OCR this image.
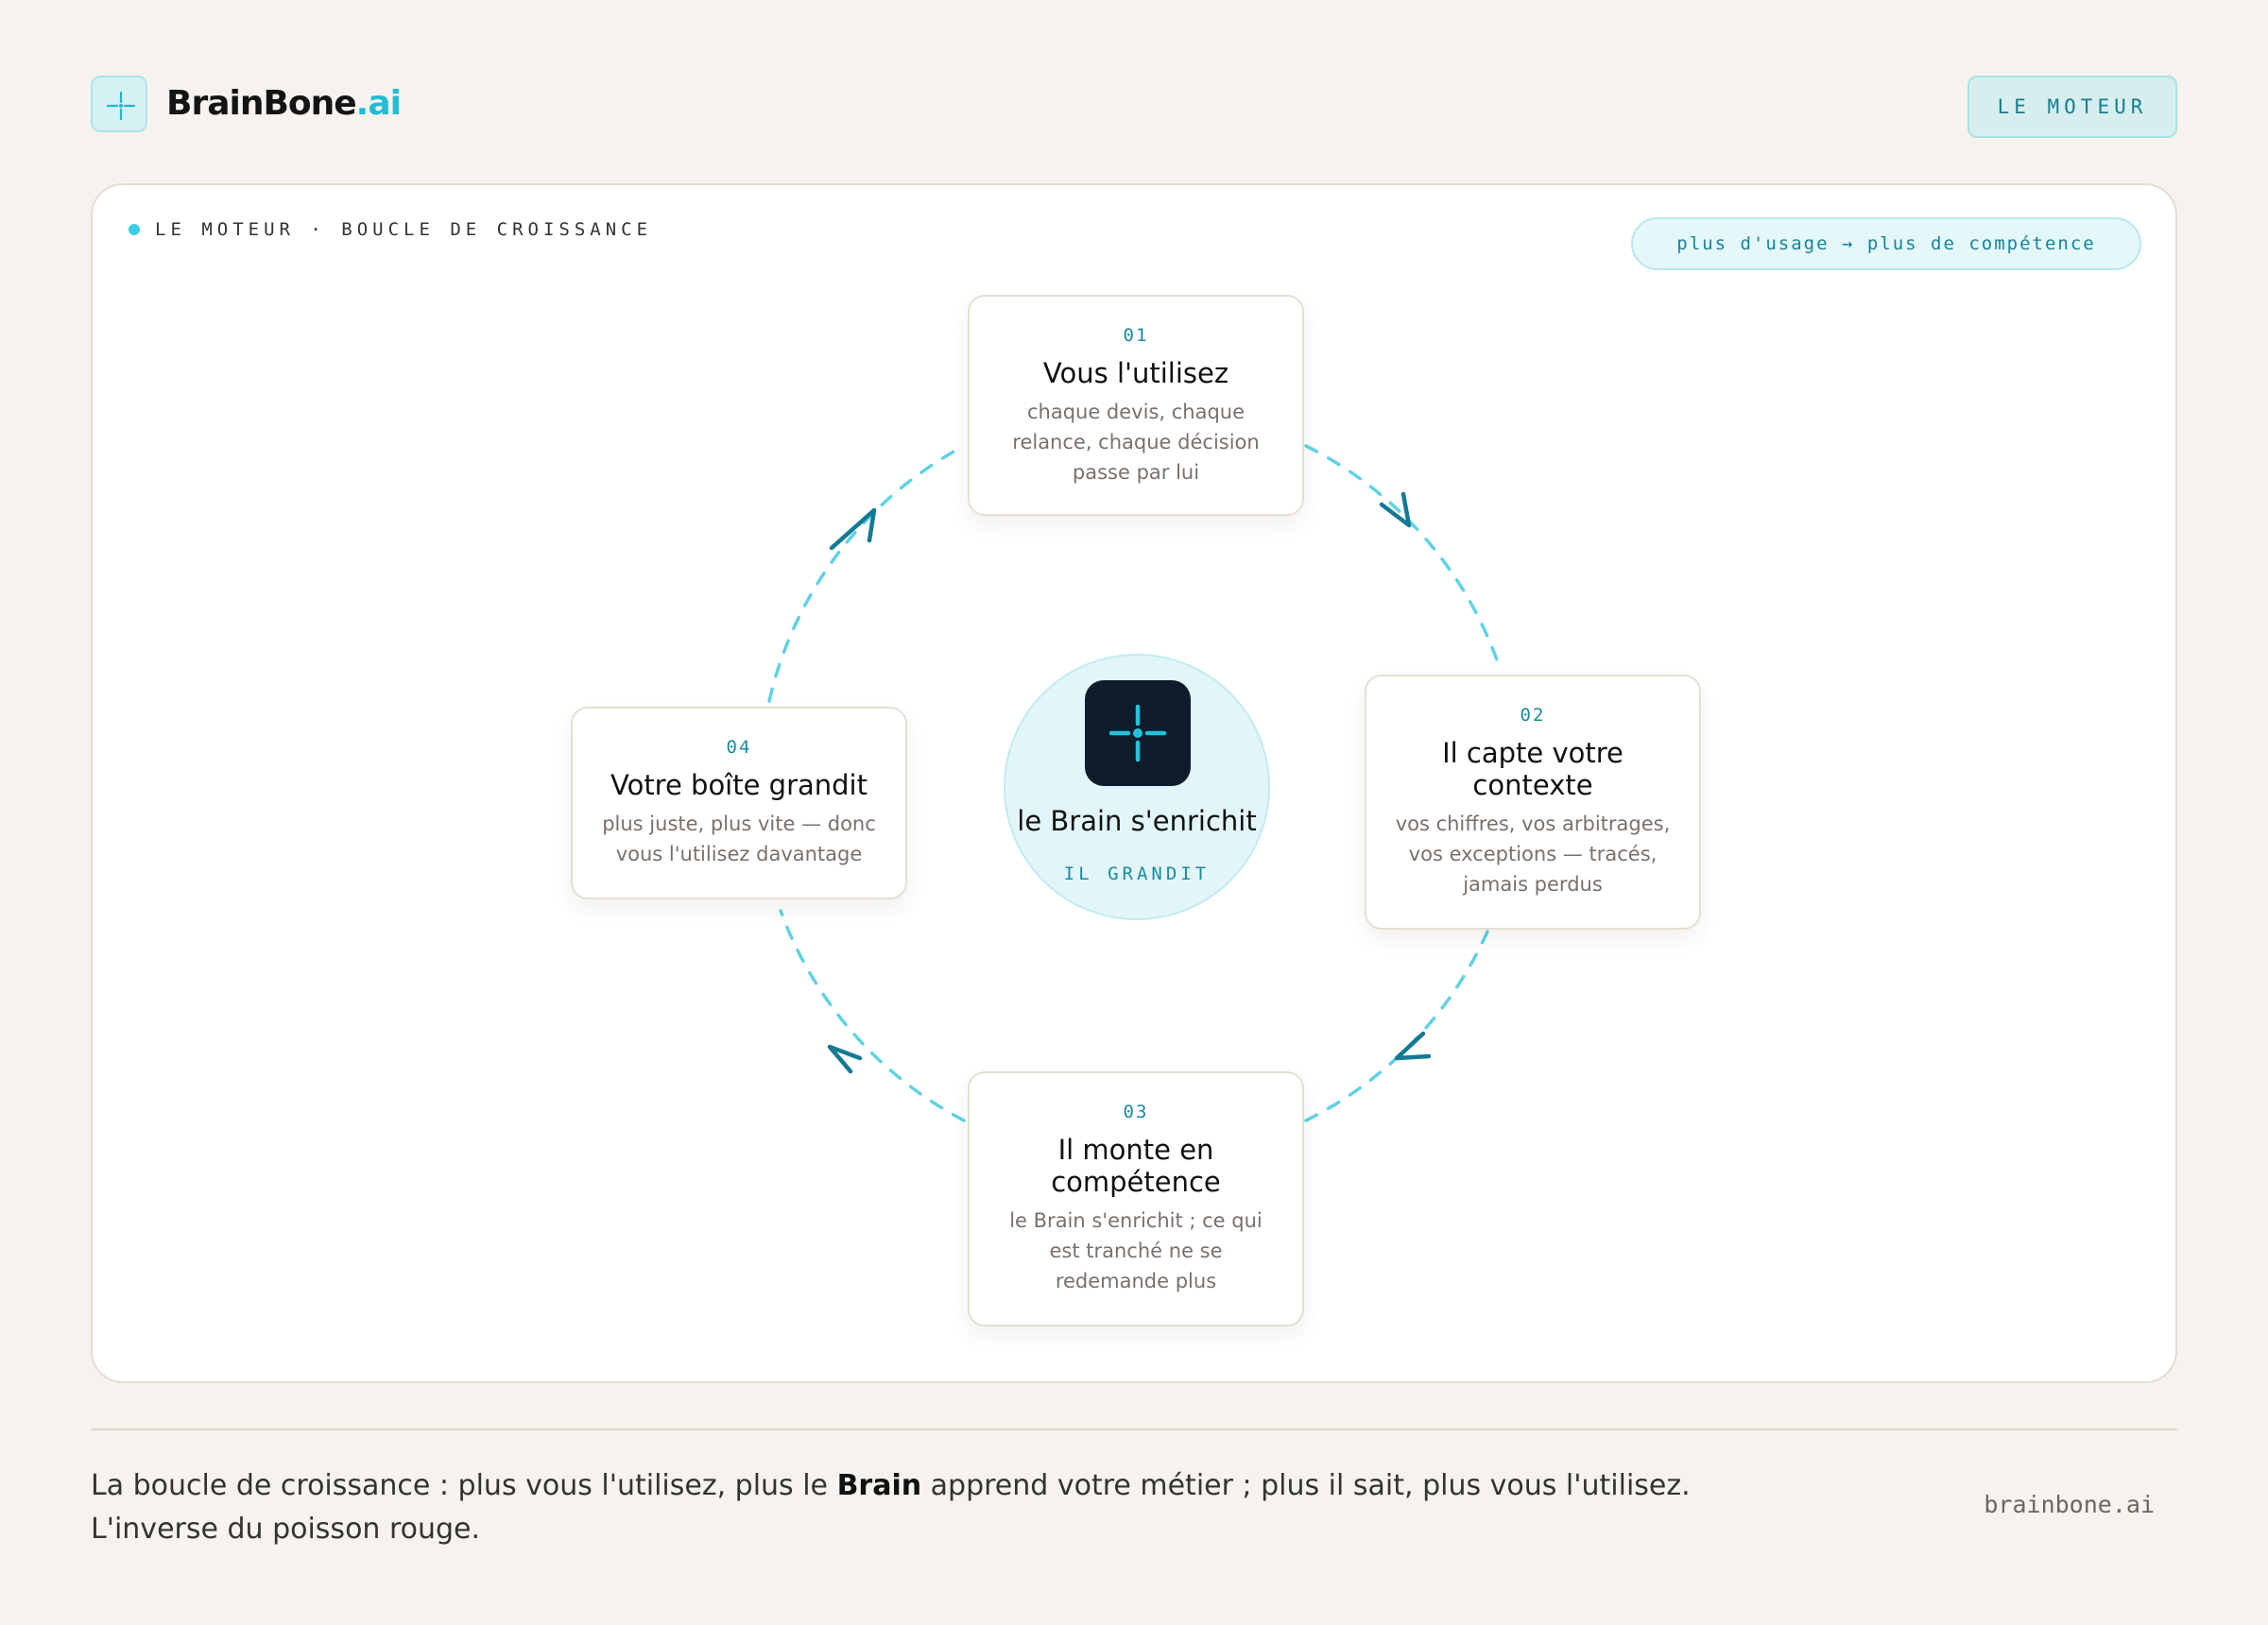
BrainBone.ai	LE MOTEUR
LE MOTEUR · BOUCLE DE CROISSANCE
plus d'usage → plus de compétence
le Brain s'enrichit
IL GRANDIT
01
Vous l'utilisez
chaque devis, chaque relance, chaque décision passe par lui
02
Il capte votre contexte
vos chiffres, vos arbitrages, vos exceptions — tracés, jamais perdus
03
Il monte en compétence
le Brain s'enrichit ; ce qui est tranché ne se redemande plus
04
Votre boîte grandit
plus juste, plus vite — donc vous l'utilisez davantage

La boucle de croissance : plus vous l'utilisez, plus le Brain apprend votre métier ; plus il sait, plus vous l'utilisez. L'inverse du poisson rouge.

brainbone.ai
